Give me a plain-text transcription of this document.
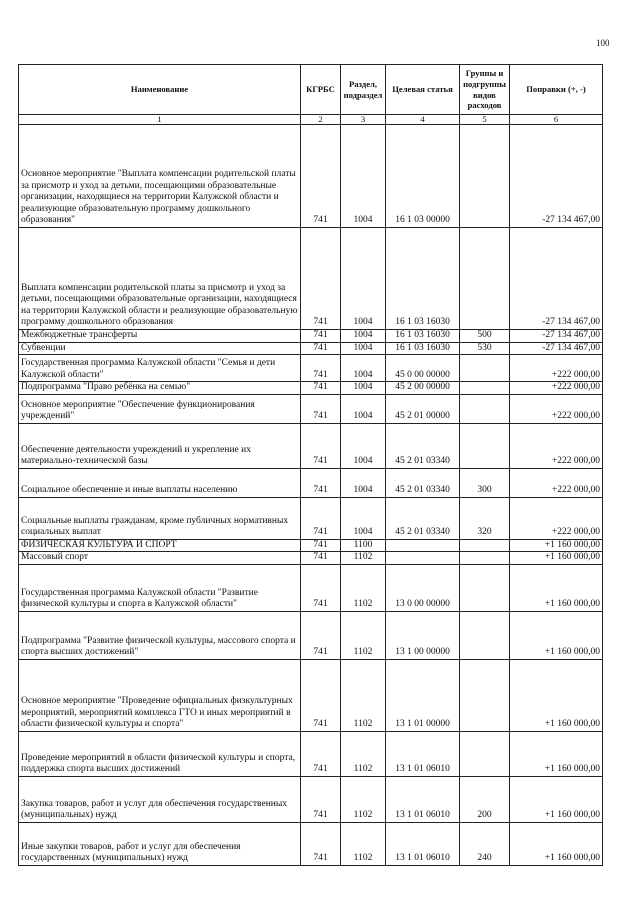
100
Наименование	КГРБС	Раздел, подраздел	Целевая статья	Группы и подгруппы видов расходов	Поправки (+, -)
1	2	3	4	5	6
Основное мероприятие "Выплата компенсации родительской платы за присмотр и уход за детьми, посещающими образовательные организации, находящиеся на территории Калужской области и реализующие образовательную программу дошкольного образования"	741	1004	16 1 03 00000		-27 134 467,00
Выплата компенсации родительской платы за присмотр и уход за детьми, посещающими образовательные организации, находящиеся на территории Калужской области и реализующие образовательную программу дошкольного образования	741	1004	16 1 03 16030		-27 134 467,00
Межбюджетные трансферты	741	1004	16 1 03 16030	500	-27 134 467,00
Субвенции	741	1004	16 1 03 16030	530	-27 134 467,00
Государственная программа Калужской области "Семья и дети Калужской области"	741	1004	45 0 00 00000		+222 000,00
Подпрограмма "Право ребёнка на семью"	741	1004	45 2 00 00000		+222 000,00
Основное мероприятие "Обеспечение функционирования учреждений"	741	1004	45 2 01 00000		+222 000,00
Обеспечение деятельности учреждений и укрепление их материально-технической базы	741	1004	45 2 01 03340		+222 000,00
Социальное обеспечение и иные выплаты населению	741	1004	45 2 01 03340	300	+222 000,00
Социальные выплаты гражданам, кроме публичных нормативных социальных выплат	741	1004	45 2 01 03340	320	+222 000,00
ФИЗИЧЕСКАЯ КУЛЬТУРА И СПОРТ	741	1100			+1 160 000,00
Массовый спорт	741	1102			+1 160 000,00
Государственная программа Калужской области "Развитие физической культуры и спорта в Калужской области"	741	1102	13 0 00 00000		+1 160 000,00
Подпрограмма "Развитие физической культуры, массового спорта и спорта высших достижений"	741	1102	13 1 00 00000		+1 160 000,00
Основное мероприятие "Проведение официальных физкультурных мероприятий, мероприятий комплекса ГТО и иных мероприятий в области физической культуры и спорта"	741	1102	13 1 01 00000		+1 160 000,00
Проведение мероприятий в области физической культуры и спорта, поддержка спорта высших достижений	741	1102	13 1 01 06010		+1 160 000,00
Закупка товаров, работ и услуг для обеспечения государственных (муниципальных) нужд	741	1102	13 1 01 06010	200	+1 160 000,00
Иные закупки товаров, работ и услуг для обеспечения государственных (муниципальных) нужд	741	1102	13 1 01 06010	240	+1 160 000,00
